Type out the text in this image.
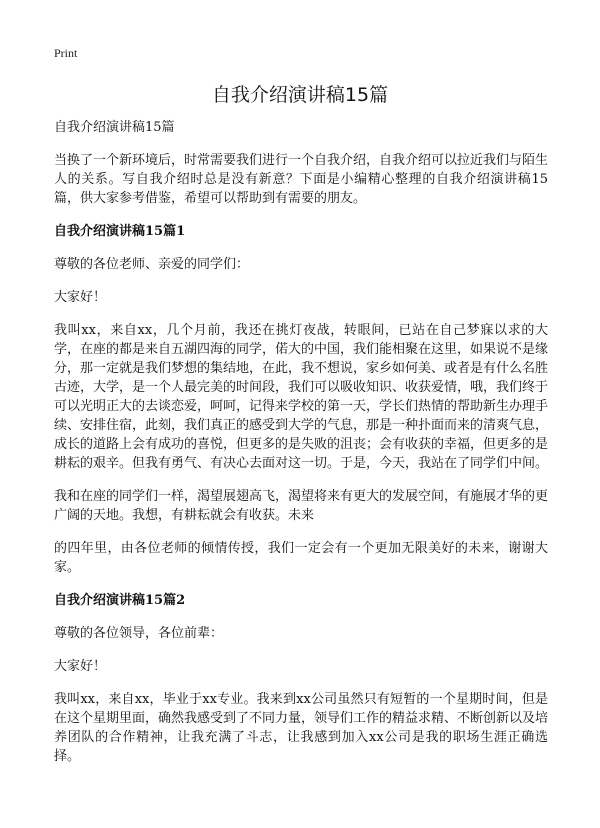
Print
自我介绍演讲稿15篇

自我介绍演讲稿15篇

当换了一个新环境后，时常需要我们进行一个自我介绍，自我介绍可以拉近我们与陌生人的关系。写自我介绍时总是没有新意？下面是小编精心整理的自我介绍演讲稿15篇，供大家参考借鉴，希望可以帮助到有需要的朋友。

自我介绍演讲稿15篇1

尊敬的各位老师、亲爱的同学们：

大家好！

我叫xx，来自xx，几个月前，我还在挑灯夜战，转眼间，已站在自己梦寐以求的大学，在座的都是来自五湖四海的同学，偌大的中国，我们能相聚在这里，如果说不是缘分，那一定就是我们梦想的集结地，在此，我不想说，家乡如何美、或者是有什么名胜古迹，大学，是一个人最完美的时间段，我们可以吸收知识、收获爱情，哦，我们终于可以光明正大的去谈恋爱，呵呵，记得来学校的第一天，学长们热情的帮助新生办理手续、安排住宿，此刻，我们真正的感受到大学的气息，那是一种扑面而来的清爽气息，成长的道路上会有成功的喜悦，但更多的是失败的沮丧；会有收获的幸福，但更多的是耕耘的艰辛。但我有勇气、有决心去面对这一切。于是，今天，我站在了同学们中间。

我和在座的同学们一样，渴望展翅高飞，渴望将来有更大的发展空间，有施展才华的更广阔的天地。我想，有耕耘就会有收获。未来

的四年里，由各位老师的倾情传授，我们一定会有一个更加无限美好的未来，谢谢大家。

自我介绍演讲稿15篇2

尊敬的各位领导，各位前辈：

大家好！

我叫xx，来自xx，毕业于xx专业。我来到xx公司虽然只有短暂的一个星期时间，但是在这个星期里面，确然我感受到了不同力量，领导们工作的精益求精、不断创新以及培养团队的合作精神，让我充满了斗志，让我感到加入xx公司是我的职场生涯正确选择。
